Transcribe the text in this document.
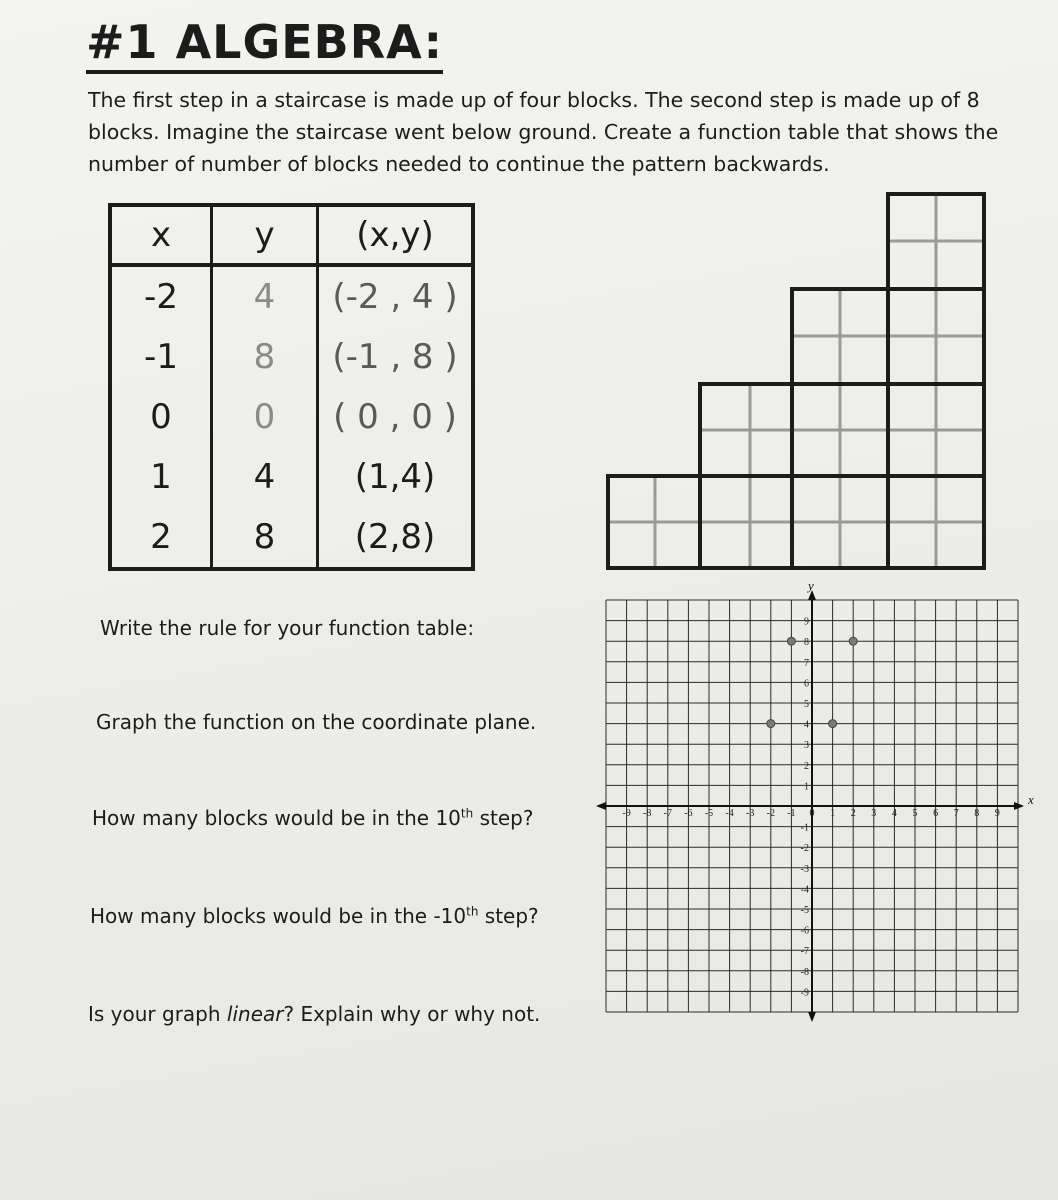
#1 ALGEBRA:

The first step in a staircase is made up of four blocks. The second step is made up of 8 blocks. Imagine the staircase went below ground. Create a function table that shows the number of number of blocks needed to continue the pattern backwards.

x	y	(x,y)
-2	4	(-2 , 4 )
-1	8	(-1 , 8 )
0	0	( 0 , 0 )
1	4	(1,4)
2	8	(2,8)
Write the rule for your function table:
Graph the function on the coordinate plane.
How many blocks would be in the 10th step?
How many blocks would be in the -10th step?
Is your graph linear? Explain why or why not.
x
y
-9 -8 -7 -6 -5 -4 -3 -2 -1 0 1 2 3 4 5 6 7 8 9
9
8
7
6
5
4
3
2
1
-1
-2
-3
-4
-5
-6
-7
-8
-9
